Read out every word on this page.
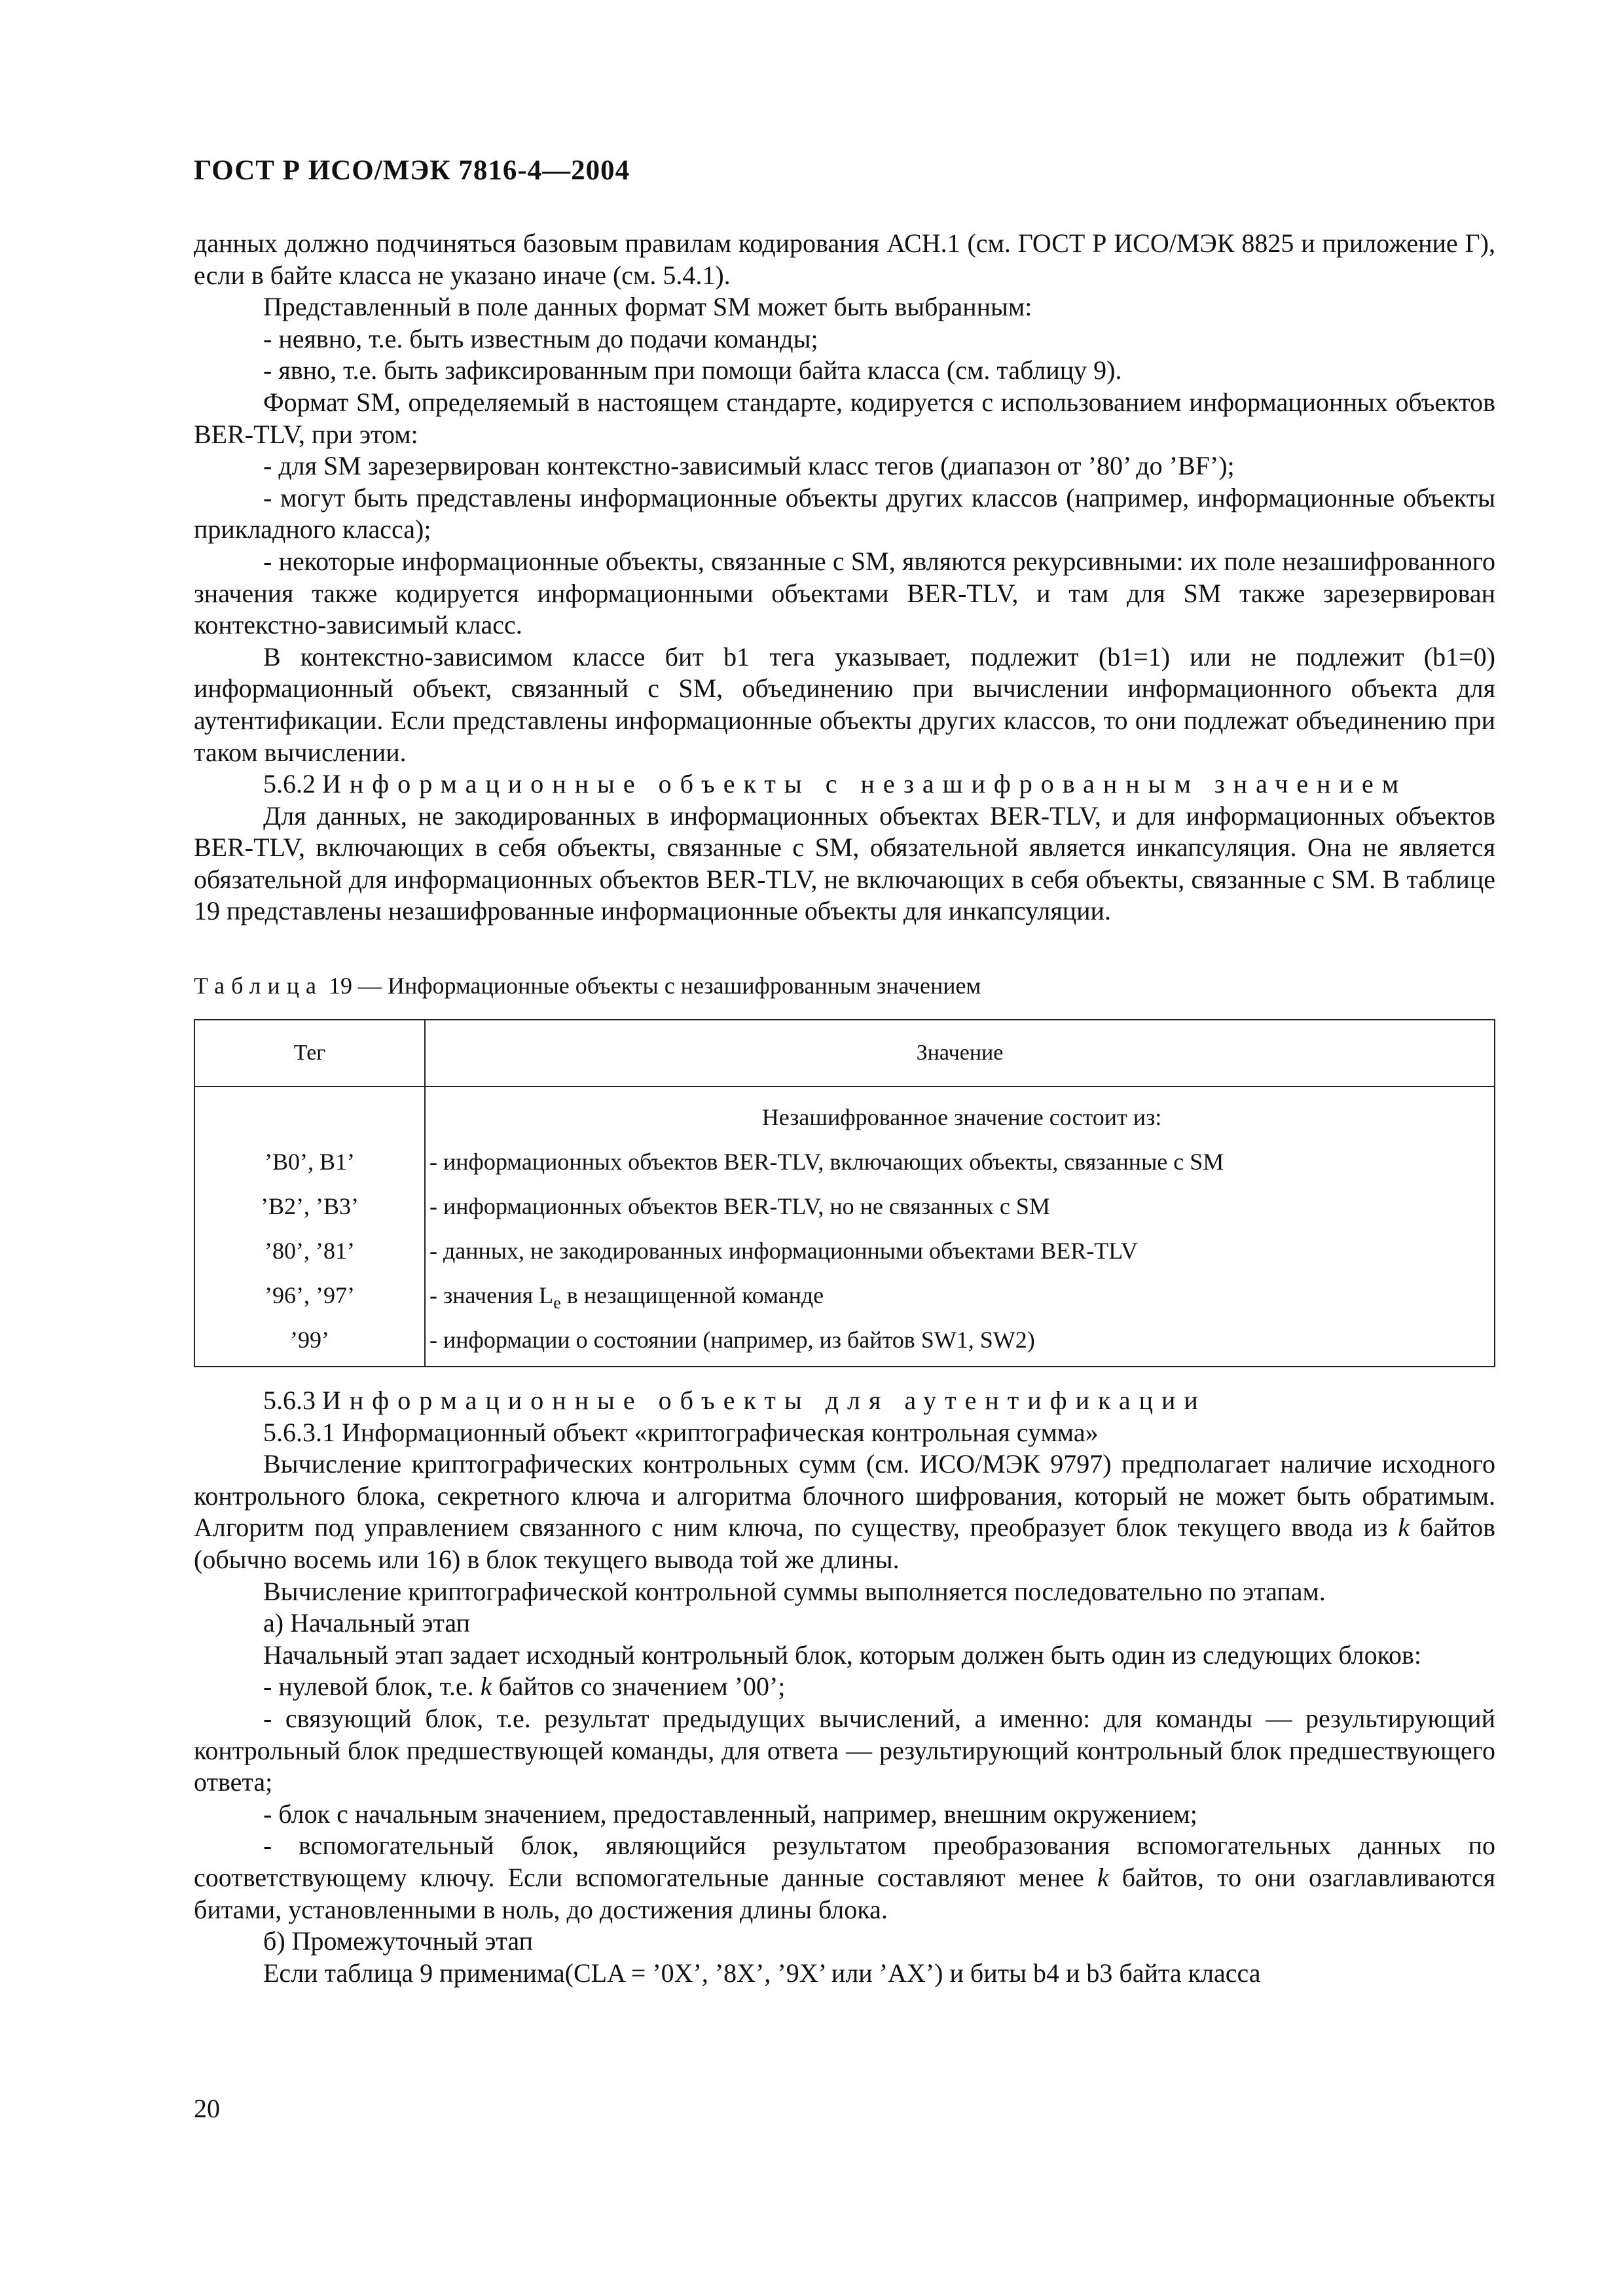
ГОСТ Р ИСО/МЭК 7816-4—2004

данных должно подчиняться базовым правилам кодирования АСН.1 (см. ГОСТ Р ИСО/МЭК 8825 и приложение Г), если в байте класса не указано иначе (см. 5.4.1).

Представленный в поле данных формат SM может быть выбранным:

- неявно, т.е. быть известным до подачи команды;

- явно, т.е. быть зафиксированным при помощи байта класса (см. таблицу 9).

Формат SM, определяемый в настоящем стандарте, кодируется с использованием информационных объектов BER-TLV, при этом:

- для SM зарезервирован контекстно-зависимый класс тегов (диапазон от ’80’ до ’BF’);

- могут быть представлены информационные объекты других классов (например, информационные объекты прикладного класса);

- некоторые информационные объекты, связанные с SM, являются рекурсивными: их поле незашифрованного значения также кодируется информационными объектами BER-TLV, и там для SM также зарезервирован контекстно-зависимый класс.

В контекстно-зависимом классе бит b1 тега указывает, подлежит (b1=1) или не подлежит (b1=0) информационный объект, связанный с SM, объединению при вычислении информационного объекта для аутентификации. Если представлены информационные объекты других классов, то они подлежат объединению при таком вычислении.

5.6.2 Информационные объекты с незашифрованным значением

Для данных, не закодированных в информационных объектах BER-TLV, и для информационных объектов BER-TLV, включающих в себя объекты, связанные с SM, обязательной является инкапсуляция. Она не является обязательной для информационных объектов BER-TLV, не включающих в себя объекты, связанные с SM. В таблице 19 представлены незашифрованные информационные объекты для инкапсуляции.

Таблица 19 — Информационные объекты с незашифрованным значением
Тег	Значение
	Незашифрованное значение состоит из:
’B0’, B1’	- информационных объектов BER-TLV, включающих объекты, связанные с SM
’B2’, ’B3’	- информационных объектов BER-TLV, но не связанных с SM
’80’, ’81’	- данных, не закодированных информационными объектами BER-TLV
’96’, ’97’	- значения $L_e$ в незащищенной команде
’99’	- информации о состоянии (например, из байтов SW1, SW2)

5.6.3 Информационные объекты для аутентификации

5.6.3.1 Информационный объект «криптографическая контрольная сумма»

Вычисление криптографических контрольных сумм (см. ИСО/МЭК 9797) предполагает наличие исходного контрольного блока, секретного ключа и алгоритма блочного шифрования, который не может быть обратимым. Алгоритм под управлением связанного с ним ключа, по существу, преобразует блок текущего ввода из k байтов (обычно восемь или 16) в блок текущего вывода той же длины.

Вычисление криптографической контрольной суммы выполняется последовательно по этапам.

а) Начальный этап

Начальный этап задает исходный контрольный блок, которым должен быть один из следующих блоков:

- нулевой блок, т.е. k байтов со значением ’00’;

- связующий блок, т.е. результат предыдущих вычислений, а именно: для команды — результирующий контрольный блок предшествующей команды, для ответа — результирующий контрольный блок предшествующего ответа;

- блок с начальным значением, предоставленный, например, внешним окружением;

- вспомогательный блок, являющийся результатом преобразования вспомогательных данных по соответствующему ключу. Если вспомогательные данные составляют менее k байтов, то они озаглавливаются битами, установленными в ноль, до достижения длины блока.

б) Промежуточный этап

Если таблица 9 применима(CLA = ’0X’, ’8X’, ’9X’ или ’AX’) и биты b4 и b3 байта класса

20
